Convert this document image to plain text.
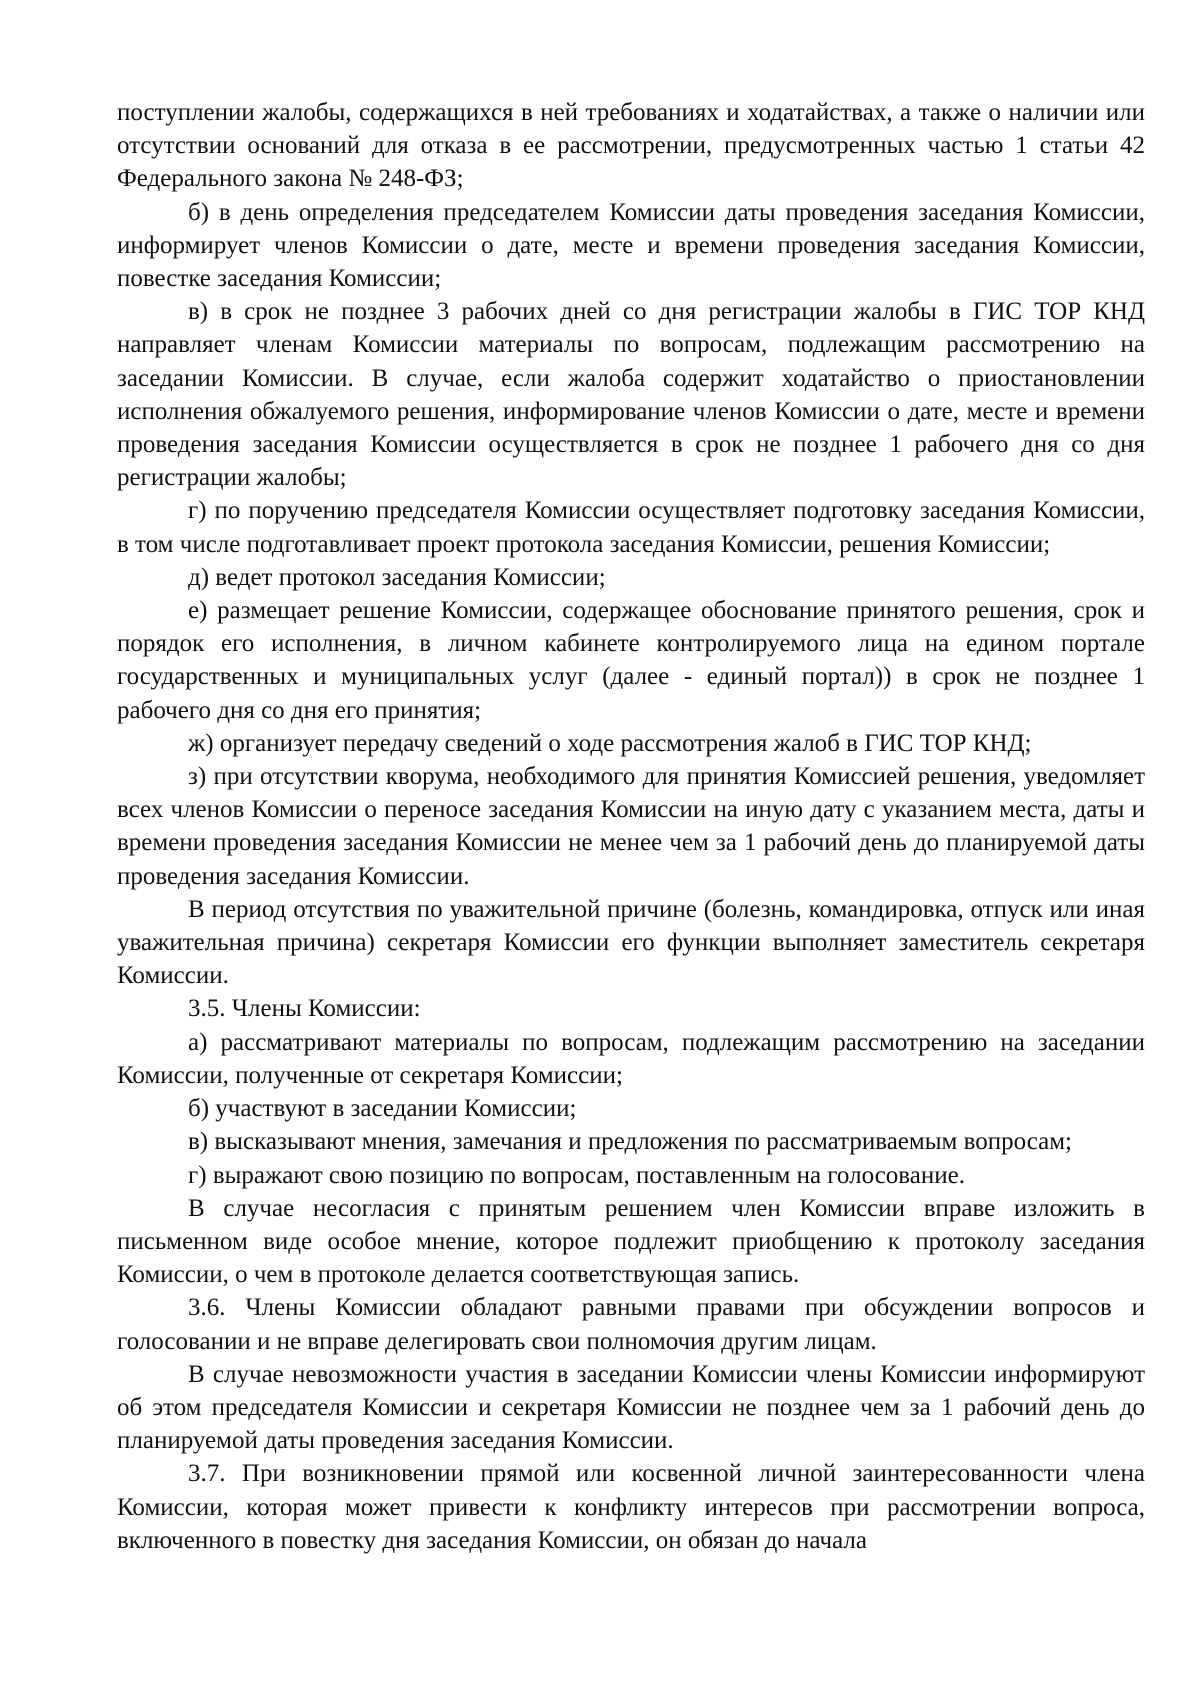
поступлении жалобы, содержащихся в ней требованиях и ходатайствах, а также о наличии или отсутствии оснований для отказа в ее рассмотрении, предусмотренных частью 1 статьи 42 Федерального закона № 248-ФЗ;

б) в день определения председателем Комиссии даты проведения заседания Комиссии, информирует членов Комиссии о дате, месте и времени проведения заседания Комиссии, повестке заседания Комиссии;

в) в срок не позднее 3 рабочих дней со дня регистрации жалобы в ГИС ТОР КНД направляет членам Комиссии материалы по вопросам, подлежащим рассмотрению на заседании Комиссии. В случае, если жалоба содержит ходатайство о приостановлении исполнения обжалуемого решения, информирование членов Комиссии о дате, месте и времени проведения заседания Комиссии осуществляется в срок не позднее 1 рабочего дня со дня регистрации жалобы;

г) по поручению председателя Комиссии осуществляет подготовку заседания Комиссии, в том числе подготавливает проект протокола заседания Комиссии, решения Комиссии;

д) ведет протокол заседания Комиссии;

е) размещает решение Комиссии, содержащее обоснование принятого решения, срок и порядок его исполнения, в личном кабинете контролируемого лица на едином портале государственных и муниципальных услуг (далее - единый портал)) в срок не позднее 1 рабочего дня со дня его принятия;

ж) организует передачу сведений о ходе рассмотрения жалоб в ГИС ТОР КНД;

з) при отсутствии кворума, необходимого для принятия Комиссией решения, уведомляет всех членов Комиссии о переносе заседания Комиссии на иную дату с указанием места, даты и времени проведения заседания Комиссии не менее чем за 1 рабочий день до планируемой даты проведения заседания Комиссии.

В период отсутствия по уважительной причине (болезнь, командировка, отпуск или иная уважительная причина) секретаря Комиссии его функции выполняет заместитель секретаря Комиссии.

3.5. Члены Комиссии:

а) рассматривают материалы по вопросам, подлежащим рассмотрению на заседании Комиссии, полученные от секретаря Комиссии;

б) участвуют в заседании Комиссии;

в) высказывают мнения, замечания и предложения по рассматриваемым вопросам;

г) выражают свою позицию по вопросам, поставленным на голосование.

В случае несогласия с принятым решением член Комиссии вправе изложить в письменном виде особое мнение, которое подлежит приобщению к протоколу заседания Комиссии, о чем в протоколе делается соответствующая запись.

3.6. Члены Комиссии обладают равными правами при обсуждении вопросов и голосовании и не вправе делегировать свои полномочия другим лицам.

В случае невозможности участия в заседании Комиссии члены Комиссии информируют об этом председателя Комиссии и секретаря Комиссии не позднее чем за 1 рабочий день до планируемой даты проведения заседания Комиссии.

3.7. При возникновении прямой или косвенной личной заинтересованности члена Комиссии, которая может привести к конфликту интересов при рассмотрении вопроса, включенного в повестку дня заседания Комиссии, он обязан до начала
